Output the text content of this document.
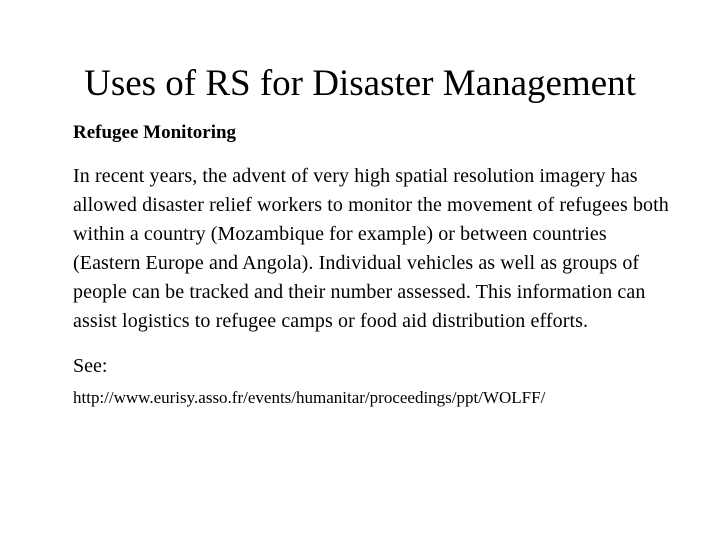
Uses of RS for Disaster Management

Refugee Monitoring

In recent years, the advent of very high spatial resolution imagery has allowed disaster relief workers to monitor the movement of refugees both within a country (Mozambique for example) or between countries (Eastern Europe and Angola). Individual vehicles as well as groups of people can be tracked and their number assessed. This information can assist logistics to refugee camps or food aid distribution efforts.

See:

http://www.eurisy.asso.fr/events/humanitar/proceedings/ppt/WOLFF/
